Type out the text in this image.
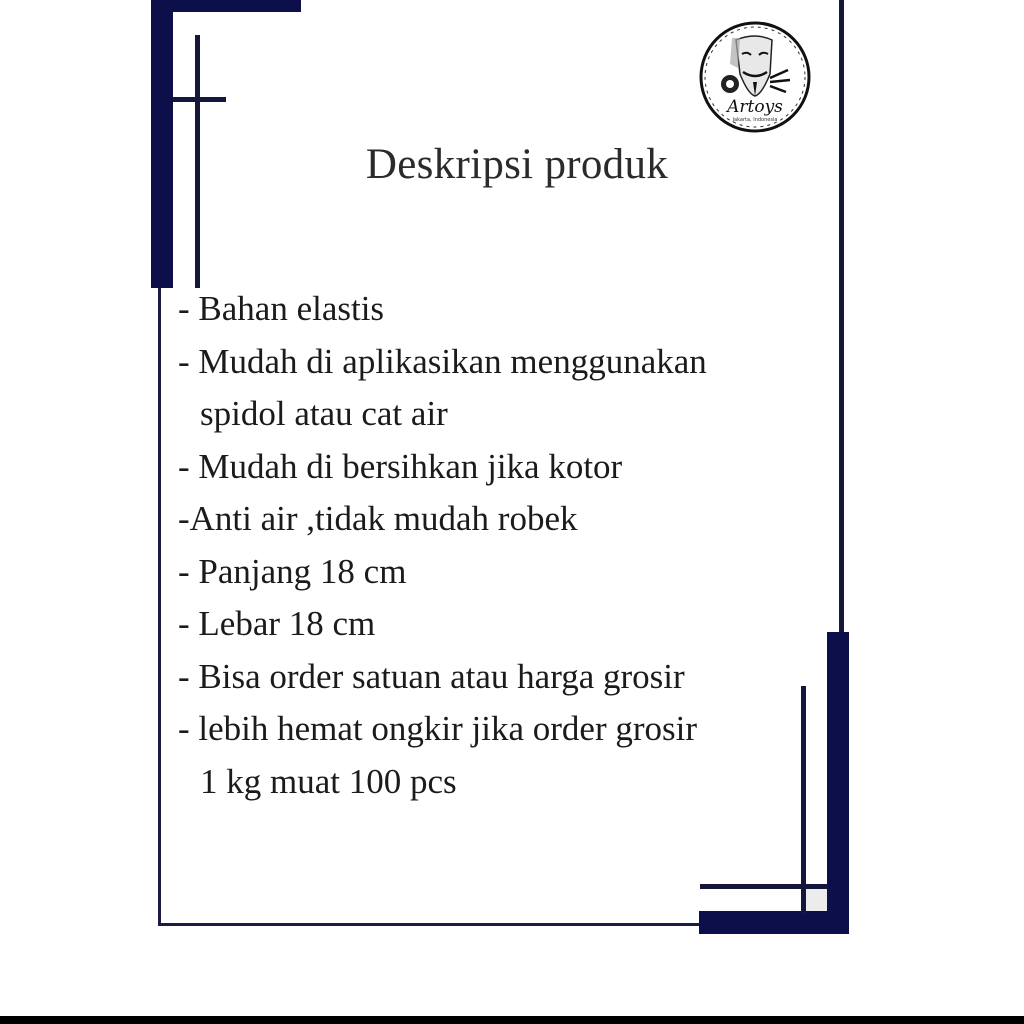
Artoys
Jakarta, Indonesia
Deskripsi produk
- Bahan elastis
- Mudah di aplikasikan menggunakan
spidol atau cat air
- Mudah di bersihkan jika kotor
-Anti air ,tidak mudah robek
- Panjang 18 cm
- Lebar 18 cm
- Bisa order satuan atau harga grosir
- lebih hemat ongkir jika order grosir
1 kg muat 100 pcs
